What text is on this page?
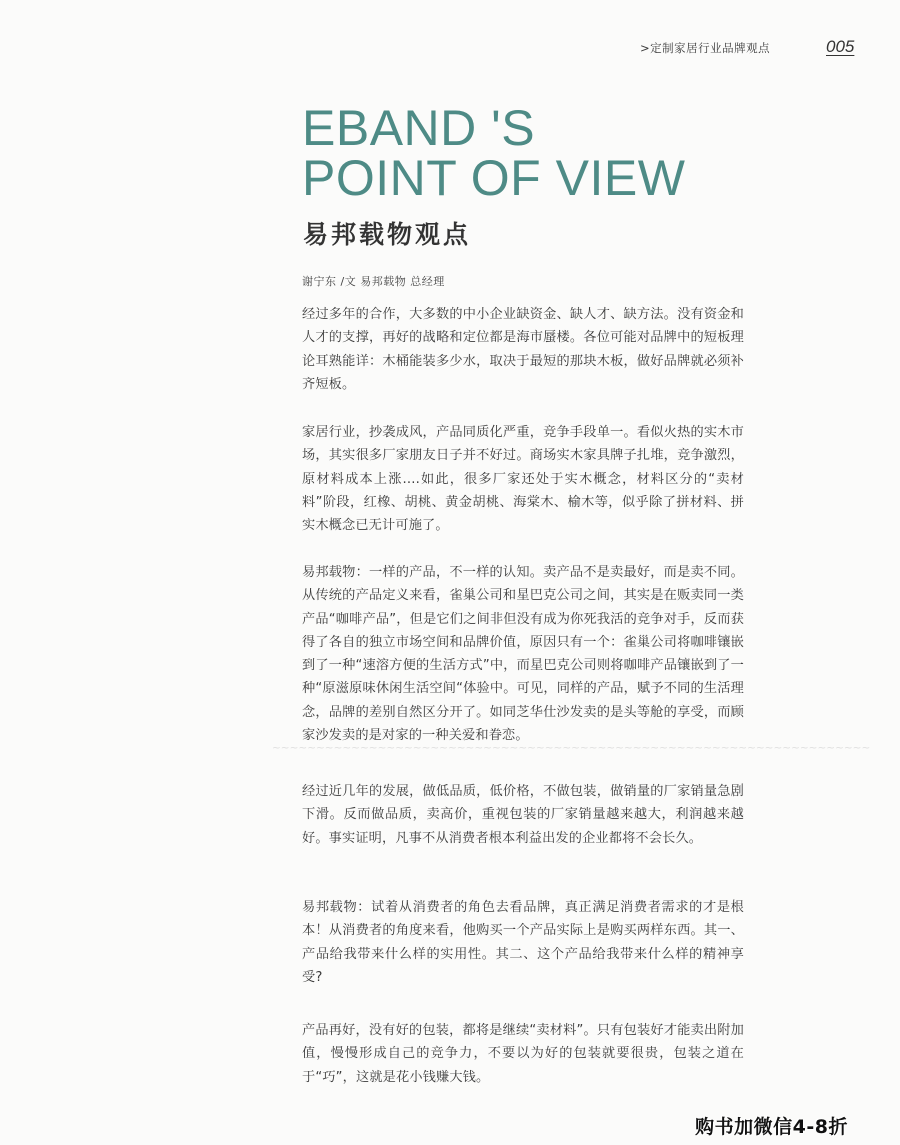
>定制家居行业品牌观点	005
EBAND 'S
POINT OF VIEW
易邦载物观点
谢宁东 /文 易邦载物 总经理
~~~~~~~~~~~~~~~~~~~~~~~~~~~~~~~~~~~~~~~~~~~~~~~~~~~~~~~~~~~~~~~~~~~~

经过多年的合作，大多数的中小企业缺资金、缺人才、缺方法。没有资金和人才的支撑，再好的战略和定位都是海市蜃楼。各位可能对品牌中的短板理论耳熟能详：木桶能装多少水，取决于最短的那块木板，做好品牌就必须补齐短板。

家居行业，抄袭成风，产品同质化严重，竞争手段单一。看似火热的实木市场，其实很多厂家朋友日子并不好过。商场实木家具牌子扎堆，竞争激烈，原材料成本上涨....如此，很多厂家还处于实木概念，材料区分的“卖材料”阶段，红橡、胡桃、黄金胡桃、海棠木、榆木等，似乎除了拼材料、拼实木概念已无计可施了。

易邦载物：一样的产品，不一样的认知。卖产品不是卖最好，而是卖不同。从传统的产品定义来看，雀巢公司和星巴克公司之间，其实是在贩卖同一类产品“咖啡产品”，但是它们之间非但没有成为你死我活的竞争对手，反而获得了各自的独立市场空间和品牌价值，原因只有一个：雀巢公司将咖啡镶嵌到了一种“速溶方便的生活方式”中，而星巴克公司则将咖啡产品镶嵌到了一种“原滋原味休闲生活空间“体验中。可见，同样的产品，赋予不同的生活理念，品牌的差别自然区分开了。如同芝华仕沙发卖的是头等舱的享受，而顾家沙发卖的是对家的一种关爱和眷恋。

经过近几年的发展，做低品质，低价格，不做包装，做销量的厂家销量急剧下滑。反而做品质，卖高价，重视包装的厂家销量越来越大，利润越来越好。事实证明，凡事不从消费者根本利益出发的企业都将不会长久。

易邦载物：试着从消费者的角色去看品牌，真正满足消费者需求的才是根本！从消费者的角度来看，他购买一个产品实际上是购买两样东西。其一、产品给我带来什么样的实用性。其二、这个产品给我带来什么样的精神享受?

产品再好，没有好的包装，都将是继续“卖材料”。只有包装好才能卖出附加值，慢慢形成自己的竞争力，不要以为好的包装就要很贵，包装之道在于“巧”，这就是花小钱赚大钱。

购书加微信4-8折
